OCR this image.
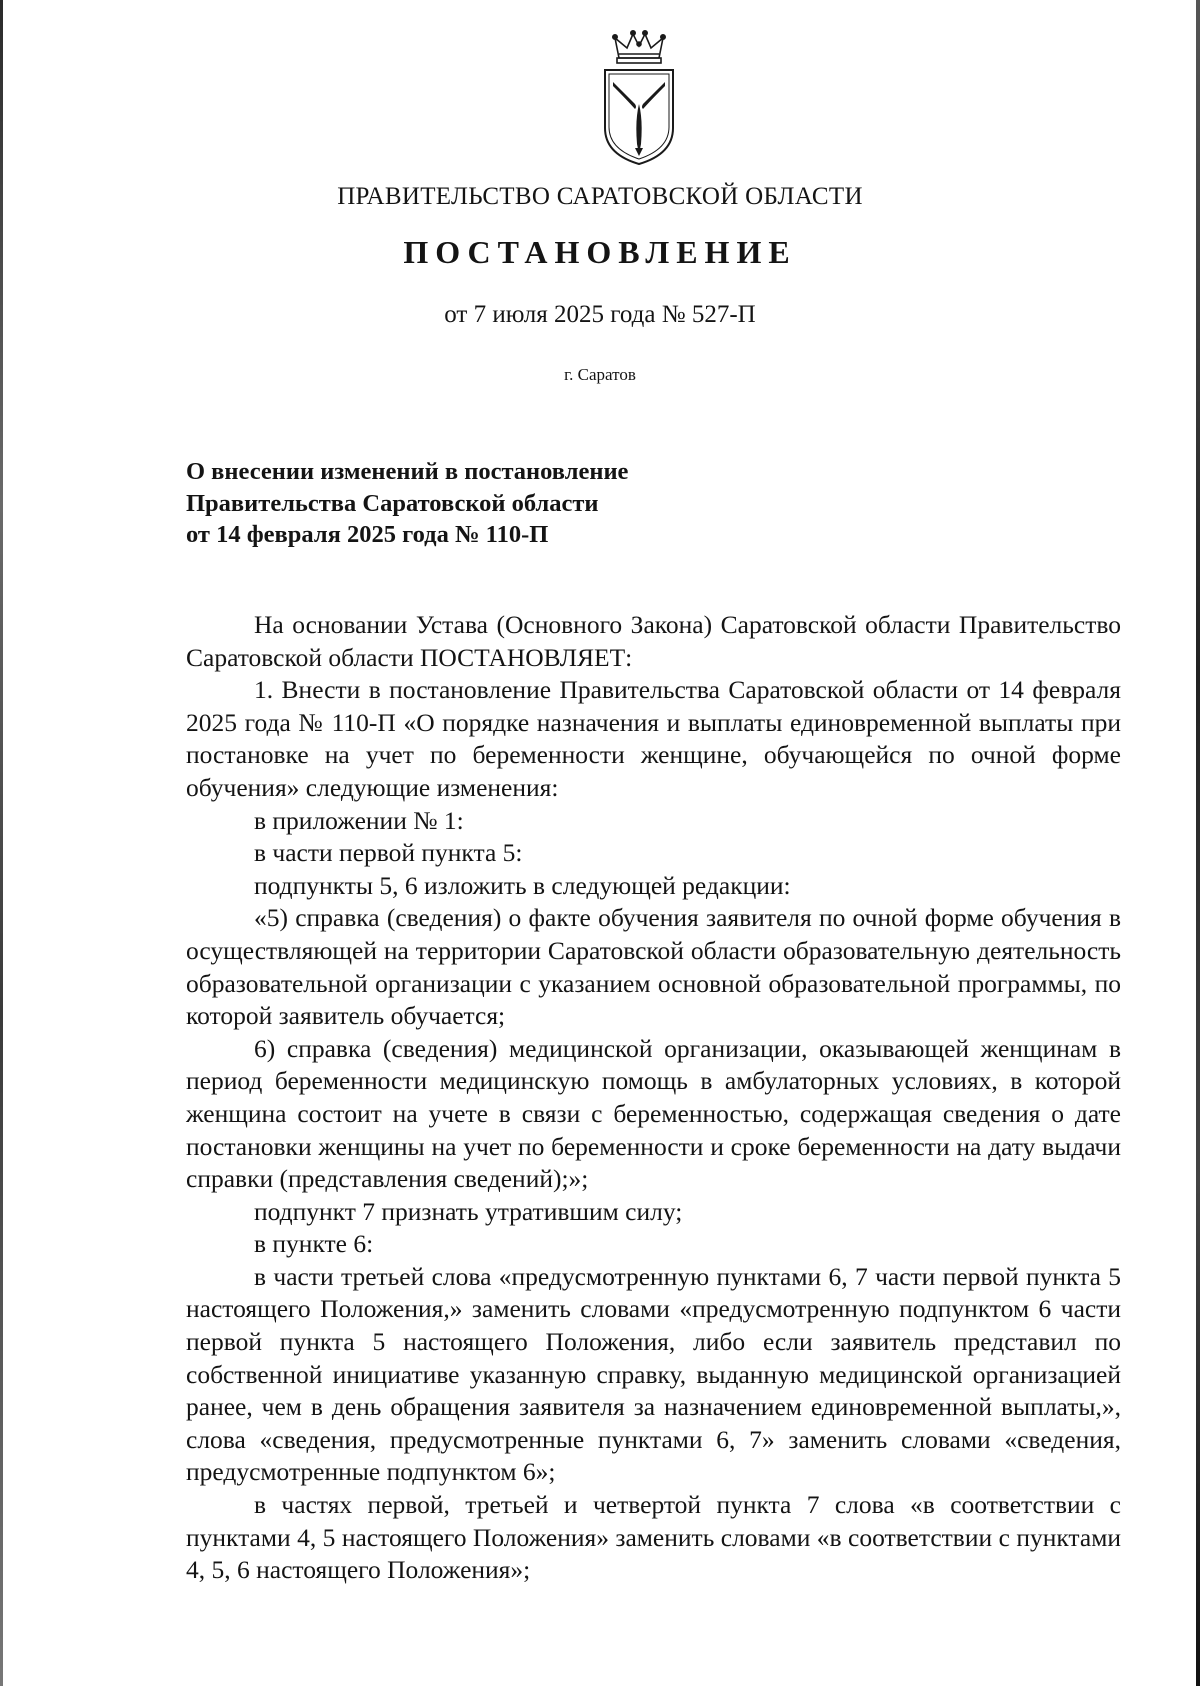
ПРАВИТЕЛЬСТВО САРАТОВСКОЙ ОБЛАСТИ
ПОСТАНОВЛЕНИЕ
от 7 июля 2025 года № 527-П
г. Саратов
О внесении изменений в постановление
Правительства Саратовской области
от 14 февраля 2025 года № 110-П

На основании Устава (Основного Закона) Саратовской области Правительство Саратовской области ПОСТАНОВЛЯЕТ:

1. Внести в постановление Правительства Саратовской области от 14 февраля 2025 года № 110-П «О порядке назначения и выплаты единовременной выплаты при постановке на учет по беременности женщине, обучающейся по очной форме обучения» следующие изменения:

в приложении № 1:

в части первой пункта 5:

подпункты 5, 6 изложить в следующей редакции:

«5) справка (сведения) о факте обучения заявителя по очной форме обучения в осуществляющей на территории Саратовской области образовательную деятельность образовательной организации с указанием основной образовательной программы, по которой заявитель обучается;

6) справка (сведения) медицинской организации, оказывающей женщинам в период беременности медицинскую помощь в амбулаторных условиях, в которой женщина состоит на учете в связи с беременностью, содержащая сведения о дате постановки женщины на учет по беременности и сроке беременности на дату выдачи справки (представления сведений);»;

подпункт 7 признать утратившим силу;

в пункте 6:

в части третьей слова «предусмотренную пунктами 6, 7 части первой пункта 5 настоящего Положения,» заменить словами «предусмотренную подпунктом 6 части первой пункта 5 настоящего Положения, либо если заявитель представил по собственной инициативе указанную справку, выданную медицинской организацией ранее, чем в день обращения заявителя за назначением единовременной выплаты,», слова «сведения, предусмотренные пунктами 6, 7» заменить словами «сведения, предусмотренные подпунктом 6»;

в частях первой, третьей и четвертой пункта 7 слова «в соответствии с пунктами 4, 5 настоящего Положения» заменить словами «в соответствии с пунктами 4, 5, 6 настоящего Положения»;
